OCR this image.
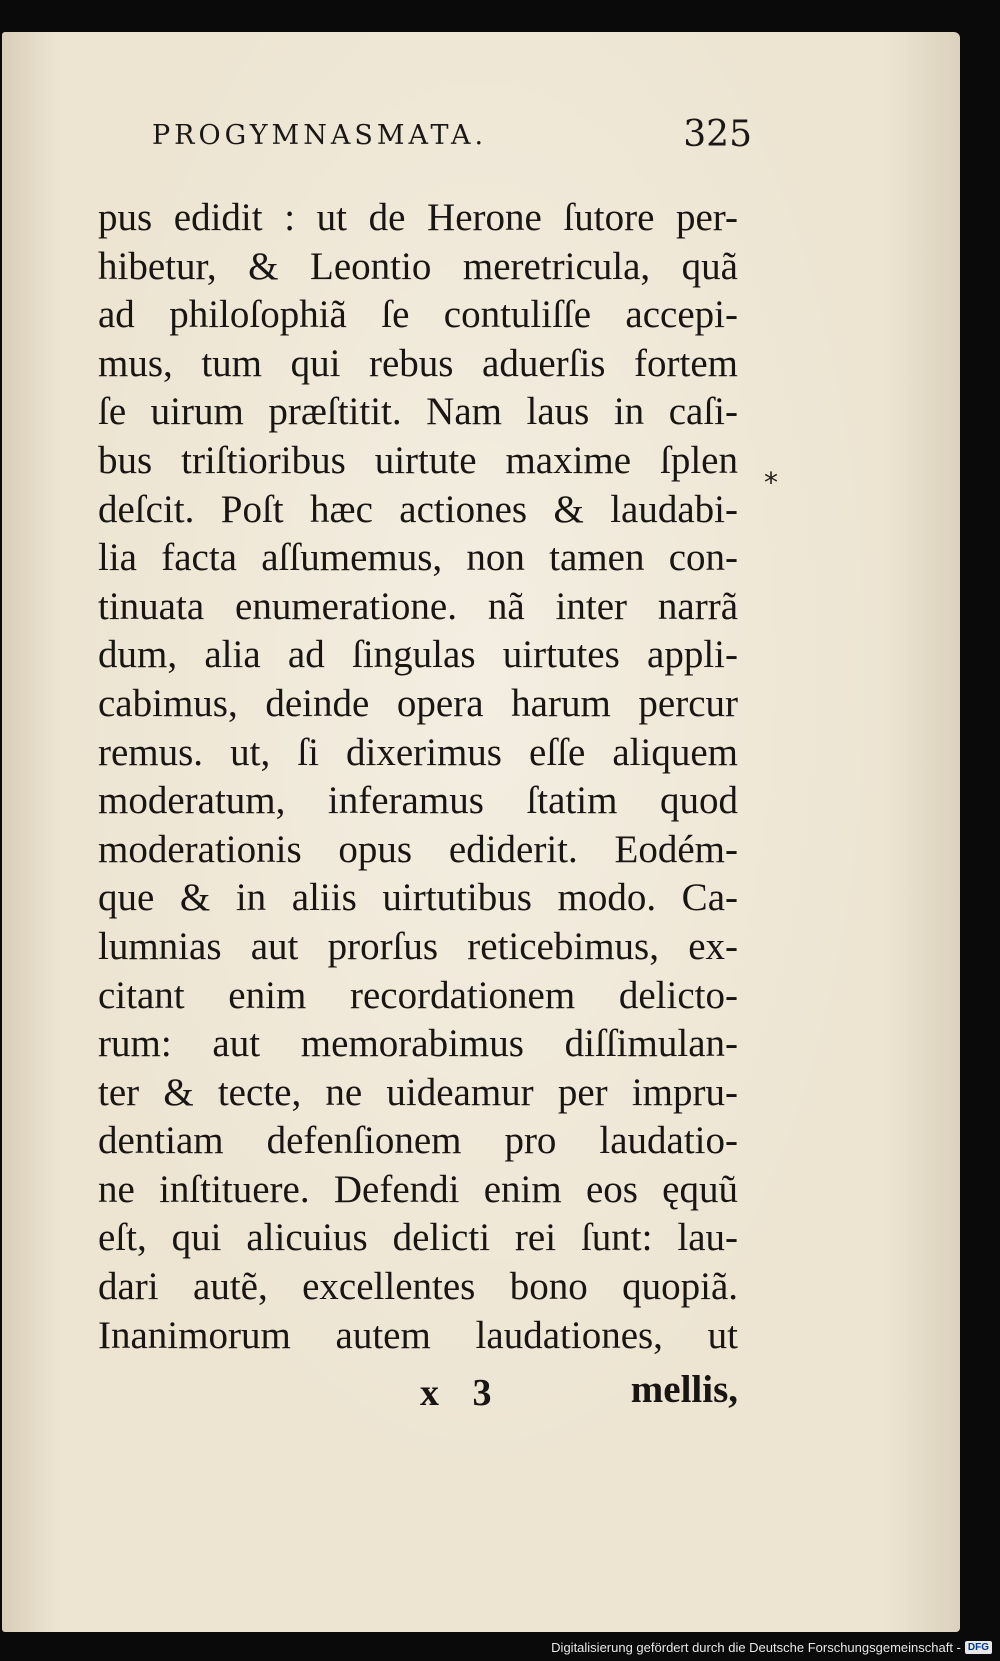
PROGYMNASMATA.	325
pus edidit : ut de Herone ſutore per-
hibetur, & Leontio meretricula, quã
ad philoſophiã ſe contuliſſe accepi-
mus, tum qui rebus aduerſis fortem
ſe uirum præſtitit. Nam laus in caſi-
bus triſtioribus uirtute maxime ſplen
deſcit. Poſt hæc actiones & laudabi-
lia facta aſſumemus, non tamen con-
tinuata enumeratione. nã inter narrã
dum, alia ad ſingulas uirtutes appli-
cabimus, deinde opera harum percur
remus. ut, ſi dixerimus eſſe aliquem
moderatum, inferamus ſtatim quod
moderationis opus ediderit. Eodém-
que & in aliis uirtutibus modo. Ca-
lumnias aut prorſus reticebimus, ex-
citant enim recordationem delicto-
rum: aut memorabimus diſſimulan-
ter & tecte, ne uideamur per impru-
dentiam defenſionem pro laudatio-
ne inſtituere. Defendi enim eos ęquũ
eſt, qui alicuius delicti rei ſunt: lau-
dari autẽ, excellentes bono quopiã.
Inanimorum autem laudationes, ut
x 3	mellis,
*
Digitalisierung gefördert durch die Deutsche Forschungsgemeinschaft - DFG
